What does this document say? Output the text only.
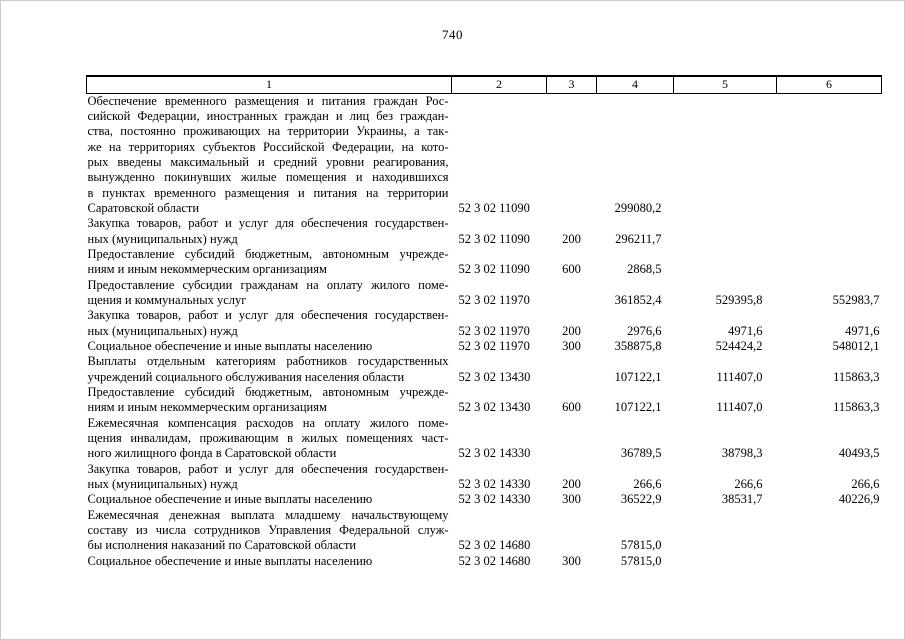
740
1	2	3	4	5	6

Обеспечение временного размещения и питания граждан Рос-
сийской Федерации, иностранных граждан и лиц без граждан-
ства, постоянно проживающих на территории Украины, а так-
же на территориях субъектов Российской Федерации, на кото-
рых введены максимальный и средний уровни реагирования,
вынужденно покинувших жилые помещения и находившихся
в пунктах временного размещения и питания на территории
Саратовской области	52 3 02 11090		299080,2		

Закупка товаров, работ и услуг для обеспечения государствен-
ных (муниципальных) нужд	52 3 02 11090	200	296211,7		

Предоставление субсидий бюджетным, автономным учрежде-
ниям и иным некоммерческим организациям	52 3 02 11090	600	2868,5		

Предоставление субсидии гражданам на оплату жилого поме-
щения и коммунальных услуг	52 3 02 11970		361852,4	529395,8	552983,7

Закупка товаров, работ и услуг для обеспечения государствен-
ных (муниципальных) нужд	52 3 02 11970	200	2976,6	4971,6	4971,6

Социальное обеспечение и иные выплаты населению	52 3 02 11970	300	358875,8	524424,2	548012,1

Выплаты отдельным категориям работников государственных
учреждений социального обслуживания населения области	52 3 02 13430		107122,1	111407,0	115863,3

Предоставление субсидий бюджетным, автономным учрежде-
ниям и иным некоммерческим организациям	52 3 02 13430	600	107122,1	111407,0	115863,3

Ежемесячная компенсация расходов на оплату жилого поме-
щения инвалидам, проживающим в жилых помещениях част-
ного жилищного фонда в Саратовской области	52 3 02 14330		36789,5	38798,3	40493,5

Закупка товаров, работ и услуг для обеспечения государствен-
ных (муниципальных) нужд	52 3 02 14330	200	266,6	266,6	266,6

Социальное обеспечение и иные выплаты населению	52 3 02 14330	300	36522,9	38531,7	40226,9

Ежемесячная денежная выплата младшему начальствующему
составу из числа сотрудников Управления Федеральной служ-
бы исполнения наказаний по Саратовской области	52 3 02 14680		57815,0		

Социальное обеспечение и иные выплаты населению	52 3 02 14680	300	57815,0		
